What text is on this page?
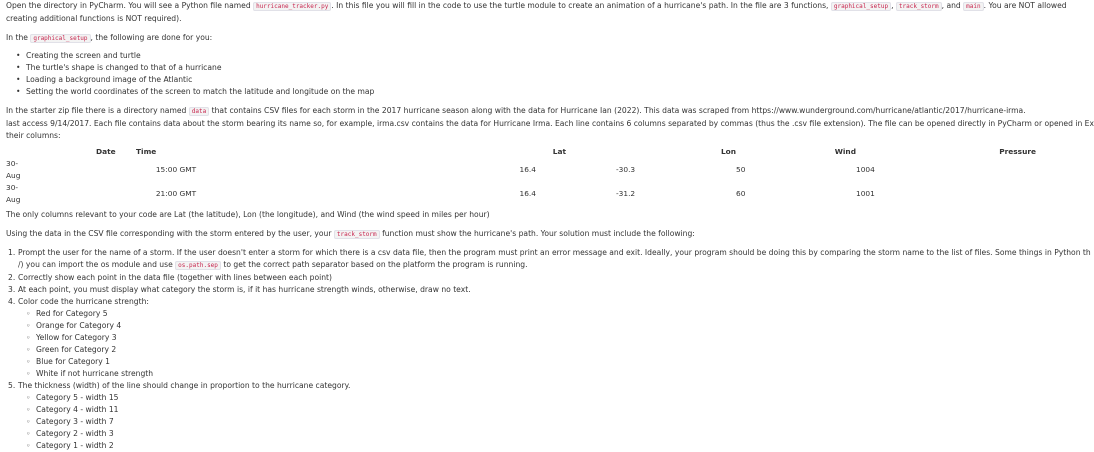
Open the directory in PyCharm. You will see a Python file named hurricane_tracker.py . In this file you will fill in the code to use the turtle module to create an animation of a hurricane's path. In the file are 3 functions, graphical_setup , track_storm , and main . You are NOT allowed

creating additional functions is NOT required).

In the graphical_setup , the following are done for you:

• Creating the screen and turtle
• The turtle's shape is changed to that of a hurricane
• Loading a background image of the Atlantic
• Setting the world coordinates of the screen to match the latitude and longitude on the map

In the starter zip file there is a directory named data that contains CSV files for each storm in the 2017 hurricane season along with the data for Hurricane Ian (2022). This data was scraped from https://www.wunderground.com/hurricane/atlantic/2017/hurricane-irma.

last access 9/14/2017. Each file contains data about the storm bearing its name so, for example, irma.csv contains the data for Hurricane Irma. Each line contains 6 columns separated by commas (thus the .csv file extension). The file can be opened directly in PyCharm or opened in Ex

their columns:

Date	Time	Lat	Lon	Wind	Pressure
30-Aug	15:00 GMT	16.4	-30.3	50	1004
30-Aug	21:00 GMT	16.4	-31.2	60	1001

The only columns relevant to your code are Lat (the latitude), Lon (the longitude), and Wind (the wind speed in miles per hour)

Using the data in the CSV file corresponding with the storm entered by the user, your track_storm function must show the hurricane's path. Your solution must include the following:

1. Prompt the user for the name of a storm. If the user doesn't enter a storm for which there is a csv data file, then the program must print an error message and exit. Ideally, your program should be doing this by comparing the storm name to the list of files. Some things in Python th
/) you can import the os module and use os.path.sep to get the correct path separator based on the platform the program is running.
2. Correctly show each point in the data file (together with lines between each point)
3. At each point, you must display what category the storm is, if it has hurricane strength winds, otherwise, draw no text.
4. Color code the hurricane strength:
◦ Red for Category 5
◦ Orange for Category 4
◦ Yellow for Category 3
◦ Green for Category 2
◦ Blue for Category 1
◦ White if not hurricane strength
5. The thickness (width) of the line should change in proportion to the hurricane category.
◦ Category 5 - width 15
◦ Category 4 - width 11
◦ Category 3 - width 7
◦ Category 2 - width 3
◦ Category 1 - width 2
